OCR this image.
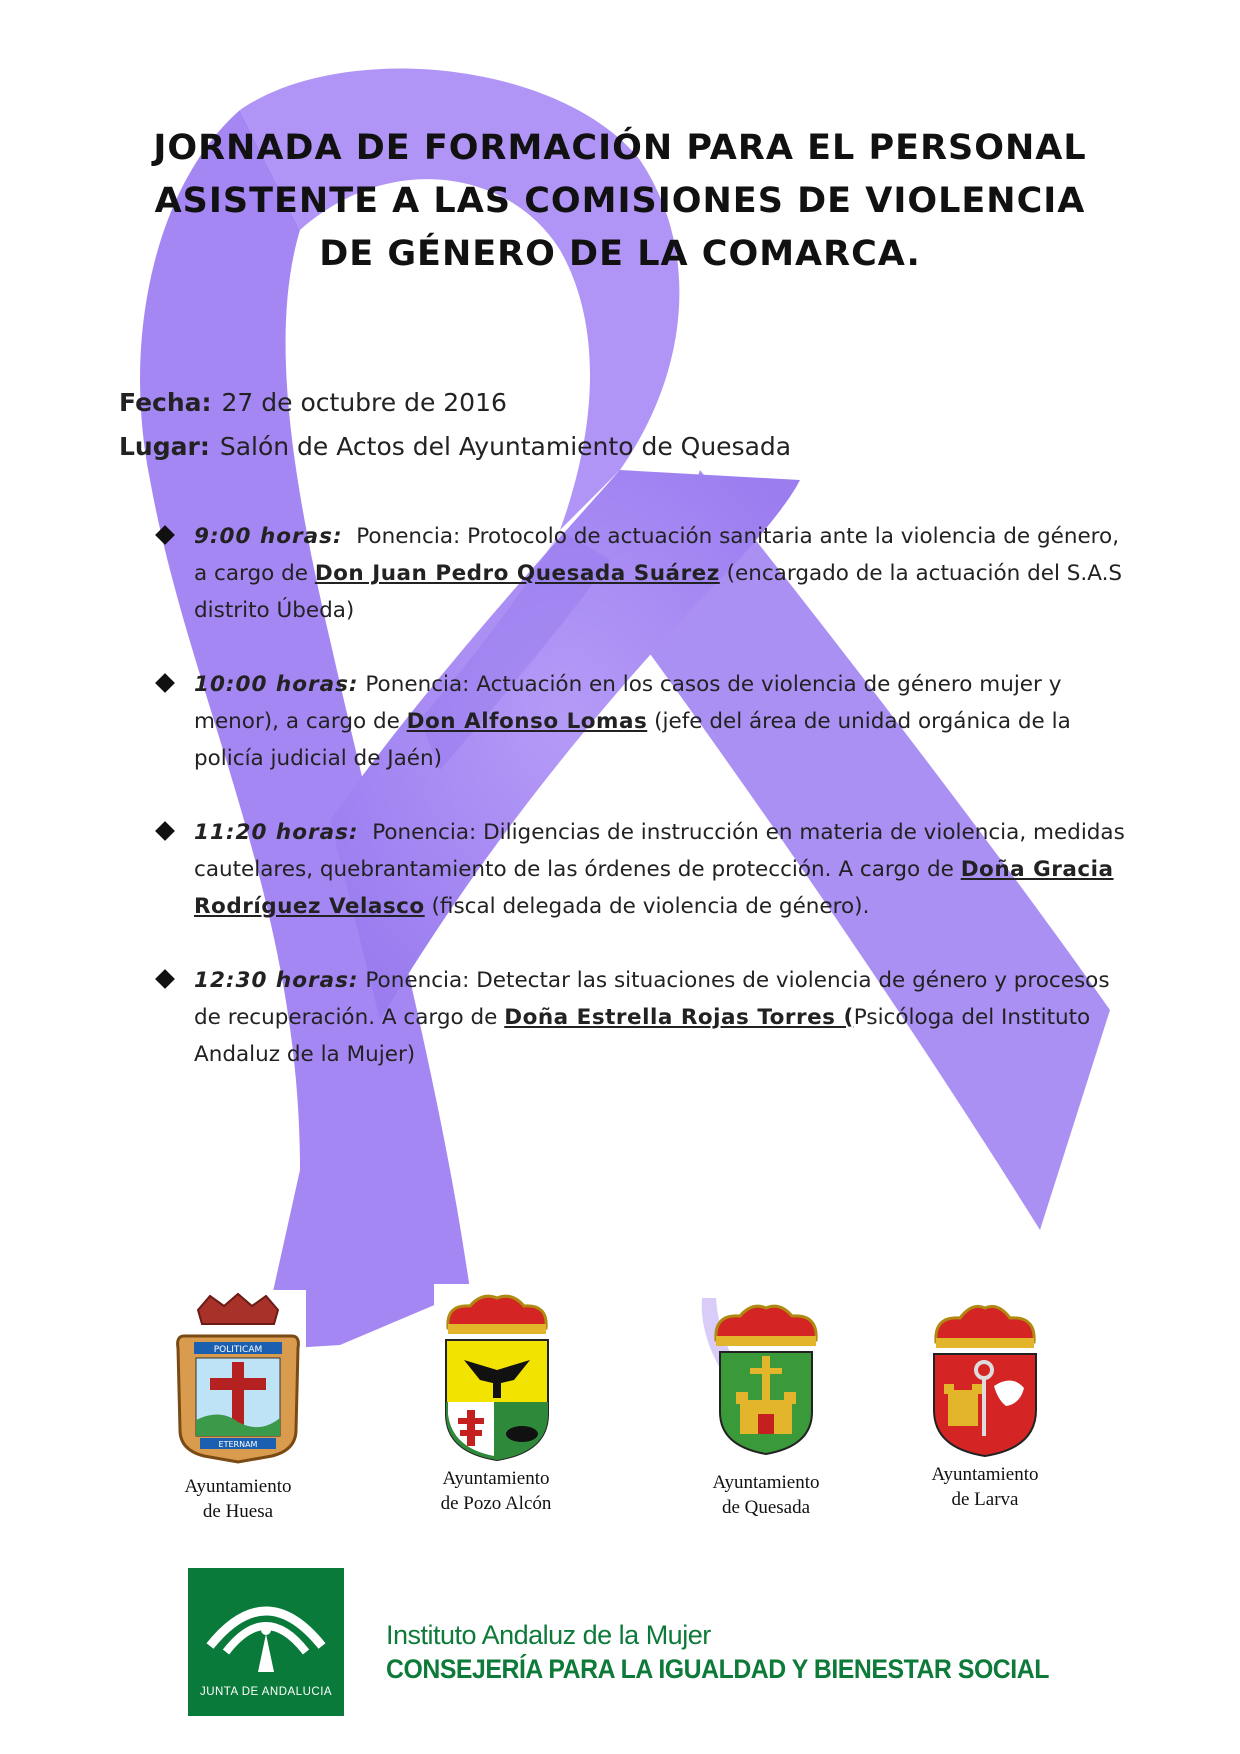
JORNADA DE FORMACIÓN PARA EL PERSONAL
ASISTENTE A LAS COMISIONES DE VIOLENCIA
DE GÉNERO DE LA COMARCA.
Fecha: 27 de octubre de 2016
Lugar: Salón de Actos del Ayuntamiento de Quesada
9:00 horas: Ponencia: Protocolo de actuación sanitaria ante la violencia de género, a cargo de Don Juan Pedro Quesada Suárez (encargado de la actuación del S.A.S distrito Úbeda)
10:00 horas: Ponencia: Actuación en los casos de violencia de género mujer y menor), a cargo de Don Alfonso Lomas (jefe del área de unidad orgánica de la policía judicial de Jaén)
11:20 horas: Ponencia: Diligencias de instrucción en materia de violencia, medidas cautelares, quebrantamiento de las órdenes de protección. A cargo de Doña Gracia Rodríguez Velasco (fiscal delegada de violencia de género).
12:30 horas: Ponencia: Detectar las situaciones de violencia de género y procesos de recuperación. A cargo de Doña Estrella Rojas Torres (Psicóloga del Instituto Andaluz de la Mujer)
POLITICAM
ETERNAM
Ayuntamiento
de Huesa
Ayuntamiento
de Pozo Alcón
Ayuntamiento
de Quesada
Ayuntamiento
de Larva
JUNTA DE ANDALUCIA
Instituto Andaluz de la Mujer
CONSEJERÍA PARA LA IGUALDAD Y BIENESTAR SOCIAL
